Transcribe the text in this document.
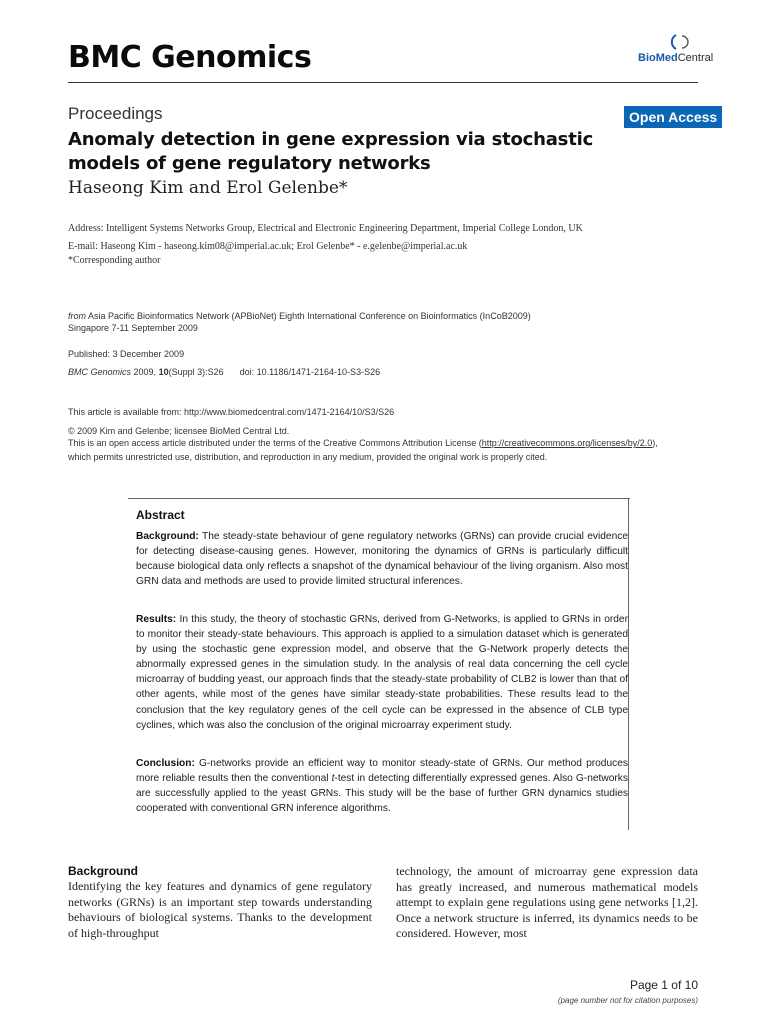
BMC Genomics	BioMedCentral
Proceedings	Open Access
Anomaly detection in gene expression via stochastic models of gene regulatory networks
Haseong Kim and Erol Gelenbe*
Address: Intelligent Systems Networks Group, Electrical and Electronic Engineering Department, Imperial College London, UK
E-mail: Haseong Kim - haseong.kim08@imperial.ac.uk; Erol Gelenbe* - e.gelenbe@imperial.ac.uk
*Corresponding author
from Asia Pacific Bioinformatics Network (APBioNet) Eighth International Conference on Bioinformatics (InCoB2009)
Singapore 7-11 September 2009
Published: 3 December 2009
BMC Genomics 2009, 10(Suppl 3):S26 doi: 10.1186/1471-2164-10-S3-S26
This article is available from: http://www.biomedcentral.com/1471-2164/10/S3/S26
© 2009 Kim and Gelenbe; licensee BioMed Central Ltd.
This is an open access article distributed under the terms of the Creative Commons Attribution License (http://creativecommons.org/licenses/by/2.0),
which permits unrestricted use, distribution, and reproduction in any medium, provided the original work is properly cited.
Abstract
Background: The steady-state behaviour of gene regulatory networks (GRNs) can provide crucial evidence for detecting disease-causing genes. However, monitoring the dynamics of GRNs is particularly difficult because biological data only reflects a snapshot of the dynamical behaviour of the living organism. Also most GRN data and methods are used to provide limited structural inferences.
Results: In this study, the theory of stochastic GRNs, derived from G-Networks, is applied to GRNs in order to monitor their steady-state behaviours. This approach is applied to a simulation dataset which is generated by using the stochastic gene expression model, and observe that the G-Network properly detects the abnormally expressed genes in the simulation study. In the analysis of real data concerning the cell cycle microarray of budding yeast, our approach finds that the steady-state probability of CLB2 is lower than that of other agents, while most of the genes have similar steady-state probabilities. These results lead to the conclusion that the key regulatory genes of the cell cycle can be expressed in the absence of CLB type cyclines, which was also the conclusion of the original microarray experiment study.
Conclusion: G-networks provide an efficient way to monitor steady-state of GRNs. Our method produces more reliable results then the conventional t-test in detecting differentially expressed genes. Also G-networks are successfully applied to the yeast GRNs. This study will be the base of further GRN dynamics studies cooperated with conventional GRN inference algorithms.
Background
Identifying the key features and dynamics of gene regulatory networks (GRNs) is an important step towards understanding behaviours of biological systems. Thanks to the development of high-throughput
technology, the amount of microarray gene expression data has greatly increased, and numerous mathematical models attempt to explain gene regulations using gene networks [1,2]. Once a network structure is inferred, its dynamics needs to be considered. However, most
Page 1 of 10
(page number not for citation purposes)
